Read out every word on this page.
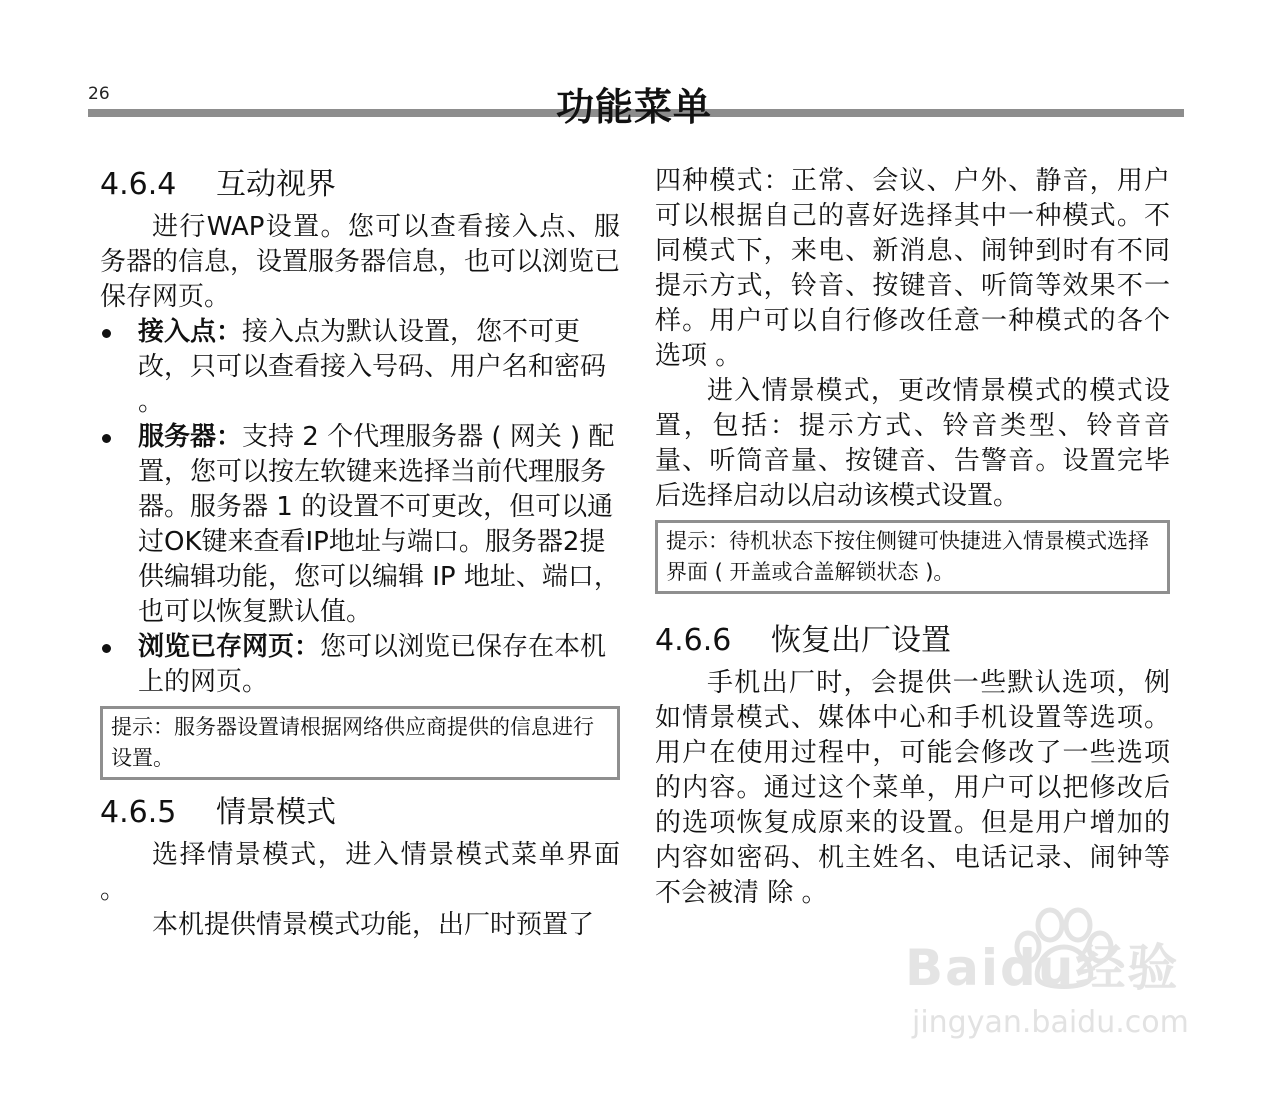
26	功能菜单
4.6.4	互动视界

进行WAP设置。您可以查看接入点、服务器的信息，设置服务器信息，也可以浏览已保存网页。

接入点：接入点为默认设置，您不可更改，只可以查看接入号码、用户名和密码 。
服务器：支持 2 个代理服务器 ( 网关 ) 配置，您可以按左软键来选择当前代理服务器。服务器 1 的设置不可更改，但可以通过OK键来查看IP地址与端口。服务器2提供编辑功能，您可以编辑 IP 地址、端口，也可以恢复默认值。
浏览已存网页：您可以浏览已保存在本机上的网页。
提示：服务器设置请根据网络供应商提供的信息进行设置。
4.6.5	情景模式

选择情景模式，进入情景模式菜单界面 。

本机提供情景模式功能，出厂时预置了

四种模式：正常、会议、户外、静音，用户可以根据自己的喜好选择其中一种模式。不同模式下，来电、新消息、闹钟到时有不同提示方式，铃音、按键音、听筒等效果不一样。用户可以自行修改任意一种模式的各个选项 。

进入情景模式，更改情景模式的模式设置，包括：提示方式、铃音类型、铃音音量、听筒音量、按键音、告警音。设置完毕后选择启动以启动该模式设置。

提示：待机状态下按住侧键可快捷进入情景模式选择界面 ( 开盖或合盖解锁状态 )。
4.6.6	恢复出厂设置

手机出厂时，会提供一些默认选项，例如情景模式、媒体中心和手机设置等选项。用户在使用过程中，可能会修改了一些选项的内容。通过这个菜单，用户可以把修改后的选项恢复成原来的设置。但是用户增加的内容如密码、机主姓名、电话记录、闹钟等不会被清 除 。

Baidu经验
jingyan.baidu.com
